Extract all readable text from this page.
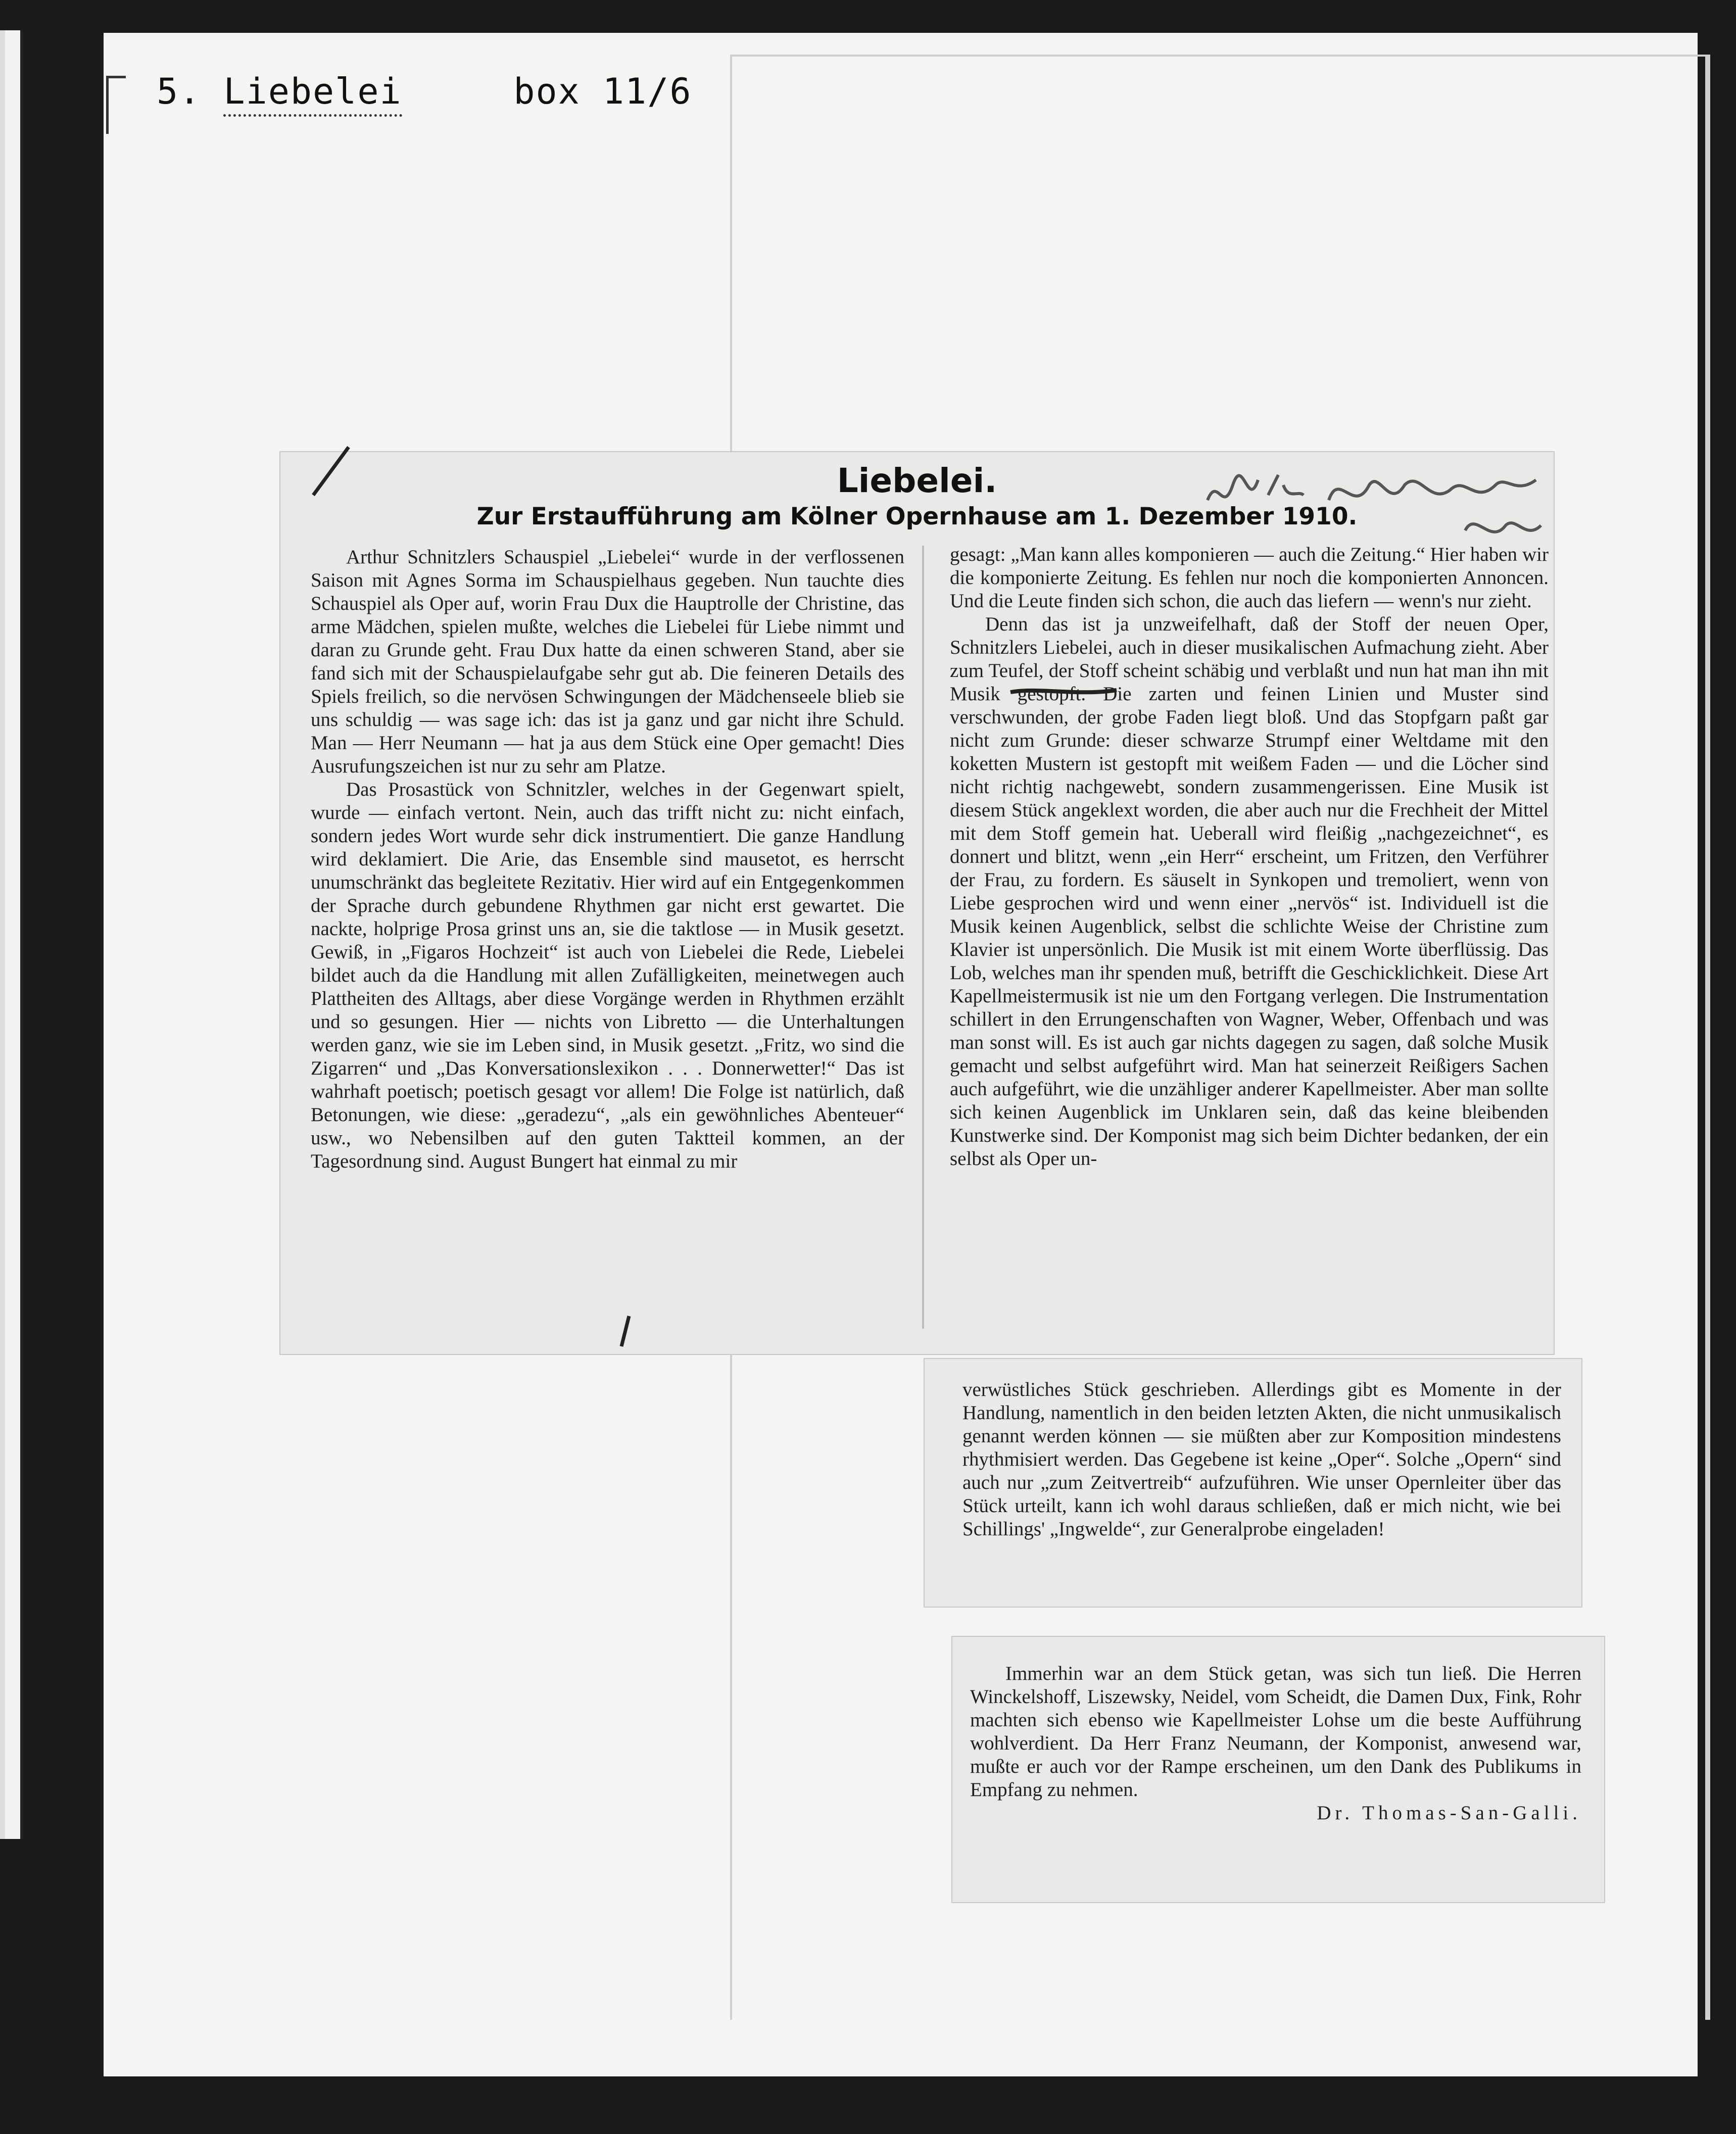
5. Liebelei	box 11/6
Liebelei.
Zur Erstaufführung am Kölner Opernhause am 1. Dezember 1910.

Arthur Schnitzlers Schauspiel „Liebelei“ wurde in der verflossenen Saison mit Agnes Sorma im Schauspielhaus gegeben. Nun tauchte dies Schauspiel als Oper auf, worin Frau Dux die Hauptrolle der Christine, das arme Mädchen, spielen mußte, welches die Liebelei für Liebe nimmt und daran zu Grunde geht. Frau Dux hatte da einen schweren Stand, aber sie fand sich mit der Schauspielaufgabe sehr gut ab. Die feineren Details des Spiels freilich, so die nervösen Schwingungen der Mädchenseele blieb sie uns schuldig — was sage ich: das ist ja ganz und gar nicht ihre Schuld. Man — Herr Neumann — hat ja aus dem Stück eine Oper gemacht! Dies Ausrufungszeichen ist nur zu sehr am Platze.

Das Prosastück von Schnitzler, welches in der Gegenwart spielt, wurde — einfach vertont. Nein, auch das trifft nicht zu: nicht einfach, sondern jedes Wort wurde sehr dick instrumentiert. Die ganze Handlung wird deklamiert. Die Arie, das Ensemble sind mausetot, es herrscht unumschränkt das begleitete Rezitativ. Hier wird auf ein Entgegenkommen der Sprache durch gebundene Rhythmen gar nicht erst gewartet. Die nackte, holprige Prosa grinst uns an, sie die taktlose — in Musik gesetzt. Gewiß, in „Figaros Hochzeit“ ist auch von Liebelei die Rede, Liebelei bildet auch da die Handlung mit allen Zufälligkeiten, meinetwegen auch Plattheiten des Alltags, aber diese Vorgänge werden in Rhythmen erzählt und so gesungen. Hier — nichts von Libretto — die Unterhaltungen werden ganz, wie sie im Leben sind, in Musik gesetzt. „Fritz, wo sind die Zigarren“ und „Das Konversationslexikon . . . Donnerwetter!“ Das ist wahrhaft poetisch; poetisch gesagt vor allem! Die Folge ist natürlich, daß Betonungen, wie diese: „geradezu“, „als ein gewöhnliches Abenteuer“ usw., wo Nebensilben auf den guten Taktteil kommen, an der Tagesordnung sind. August Bungert hat einmal zu mir

gesagt: „Man kann alles komponieren — auch die Zeitung.“ Hier haben wir die komponierte Zeitung. Es fehlen nur noch die komponierten Annoncen. Und die Leute finden sich schon, die auch das liefern — wenn's nur zieht.

Denn das ist ja unzweifelhaft, daß der Stoff der neuen Oper, Schnitzlers Liebelei, auch in dieser musikalischen Aufmachung zieht. Aber zum Teufel, der Stoff scheint schäbig und verblaßt und nun hat man ihn mit Musik gestopft. Die zarten und feinen Linien und Muster sind verschwunden, der grobe Faden liegt bloß. Und das Stopfgarn paßt gar nicht zum Grunde: dieser schwarze Strumpf einer Weltdame mit den koketten Mustern ist gestopft mit weißem Faden — und die Löcher sind nicht richtig nachgewebt, sondern zusammengerissen. Eine Musik ist diesem Stück angeklext worden, die aber auch nur die Frechheit der Mittel mit dem Stoff gemein hat. Ueberall wird fleißig „nachgezeichnet“, es donnert und blitzt, wenn „ein Herr“ erscheint, um Fritzen, den Verführer der Frau, zu fordern. Es säuselt in Synkopen und tremoliert, wenn von Liebe gesprochen wird und wenn einer „nervös“ ist. Individuell ist die Musik keinen Augenblick, selbst die schlichte Weise der Christine zum Klavier ist unpersönlich. Die Musik ist mit einem Worte überflüssig. Das Lob, welches man ihr spenden muß, betrifft die Geschicklichkeit. Diese Art Kapellmeistermusik ist nie um den Fortgang verlegen. Die Instrumentation schillert in den Errungenschaften von Wagner, Weber, Offenbach und was man sonst will. Es ist auch gar nichts dagegen zu sagen, daß solche Musik gemacht und selbst aufgeführt wird. Man hat seinerzeit Reißigers Sachen auch aufgeführt, wie die unzähliger anderer Kapellmeister. Aber man sollte sich keinen Augenblick im Unklaren sein, daß das keine bleibenden Kunstwerke sind. Der Komponist mag sich beim Dichter bedanken, der ein selbst als Oper un-

verwüstliches Stück geschrieben. Allerdings gibt es Momente in der Handlung, namentlich in den beiden letzten Akten, die nicht unmusikalisch genannt werden können — sie müßten aber zur Komposition mindestens rhythmisiert werden. Das Gegebene ist keine „Oper“. Solche „Opern“ sind auch nur „zum Zeitvertreib“ aufzuführen. Wie unser Opernleiter über das Stück urteilt, kann ich wohl daraus schließen, daß er mich nicht, wie bei Schillings' „Ingwelde“, zur Generalprobe eingeladen!

Immerhin war an dem Stück getan, was sich tun ließ. Die Herren Winckelshoff, Liszewsky, Neidel, vom Scheidt, die Damen Dux, Fink, Rohr machten sich ebenso wie Kapellmeister Lohse um die beste Aufführung wohlverdient. Da Herr Franz Neumann, der Komponist, anwesend war, mußte er auch vor der Rampe erscheinen, um den Dank des Publikums in Empfang zu nehmen.

Dr. Thomas-San-Galli.
